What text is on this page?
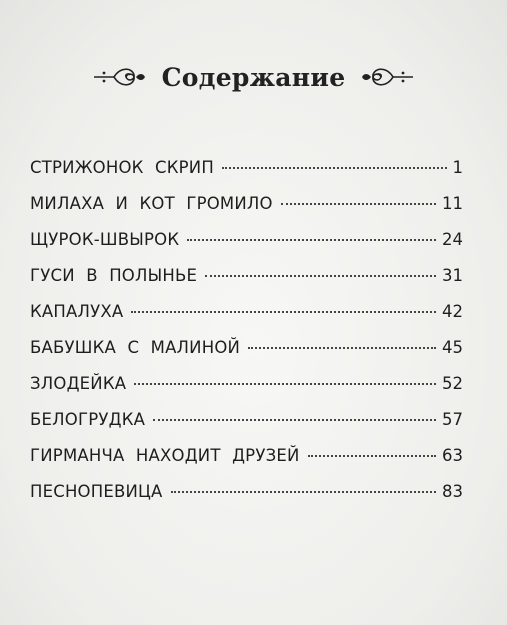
Содержание
СТРИЖОНОК СКРИП	1
МИЛАХА И КОТ ГРОМИЛО	11
ЩУРОК-ШВЫРОК	24
ГУСИ В ПОЛЫНЬЕ	31
КАПАЛУХА	42
БАБУШКА С МАЛИНОЙ	45
ЗЛОДЕЙКА	52
БЕЛОГРУДКА	57
ГИРМАНЧА НАХОДИТ ДРУЗЕЙ	63
ПЕСНОПЕВИЦА	83
